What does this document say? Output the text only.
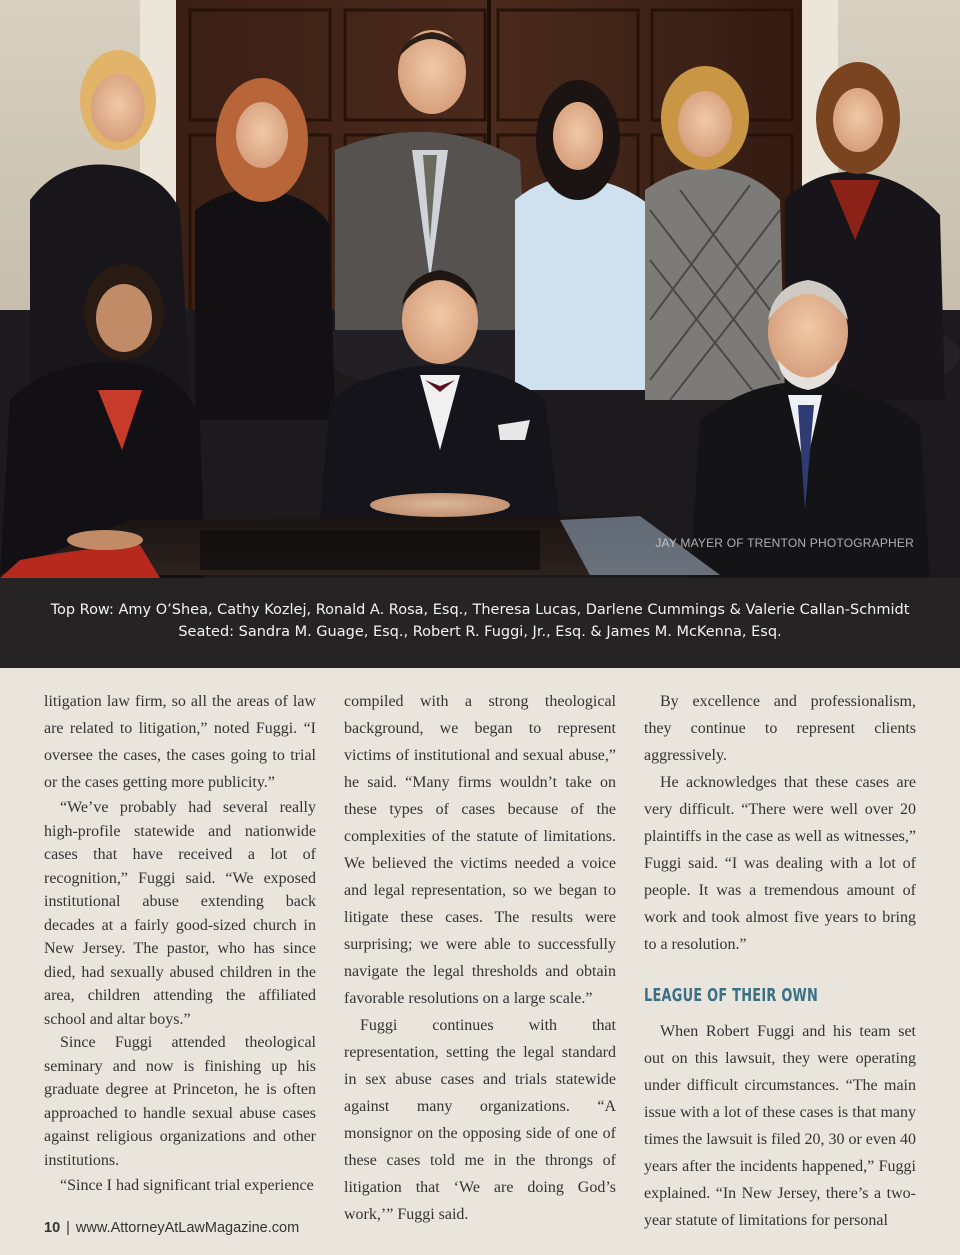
JAY MAYER OF TRENTON PHOTOGRAPHER
Top Row: Amy O’Shea, Cathy Kozlej, Ronald A. Rosa, Esq., Theresa Lucas, Darlene Cummings & Valerie Callan-Schmidt
Seated: Sandra M. Guage, Esq., Robert R. Fuggi, Jr., Esq. & James M. McKenna, Esq.

litigation law firm, so all the areas of law are related to litigation,” noted Fuggi. “I oversee the cases, the cases going to trial or the cases getting more publicity.”

“We’ve probably had several really high-profile statewide and nationwide cases that have received a lot of recognition,” Fuggi said. “We exposed institutional abuse extending back decades at a fairly good-sized church in New Jersey. The pastor, who has since died, had sexually abused children in the area, children attending the affiliated school and altar boys.”

Since Fuggi attended theological seminary and now is finishing up his graduate degree at Princeton, he is often approached to handle sexual abuse cases against religious organizations and other institutions.

“Since I had significant trial experience

compiled with a strong theological background, we began to represent victims of institutional and sexual abuse,” he said. “Many firms wouldn’t take on these types of cases because of the complexities of the statute of limitations. We believed the victims needed a voice and legal representation, so we began to litigate these cases. The results were surprising; we were able to successfully navigate the legal thresholds and obtain favorable resolutions on a large scale.”

Fuggi continues with that representation, setting the legal standard in sex abuse cases and trials statewide against many organizations. “A monsignor on the opposing side of one of these cases told me in the throngs of litigation that ‘We are doing God’s work,’” Fuggi said.

By excellence and professionalism, they continue to represent clients aggressively.

He acknowledges that these cases are very difficult. “There were well over 20 plaintiffs in the case as well as witnesses,” Fuggi said. “I was dealing with a lot of people. It was a tremendous amount of work and took almost five years to bring to a resolution.”

LEAGUE OF THEIR OWN

When Robert Fuggi and his team set out on this lawsuit, they were operating under difficult circumstances. “The main issue with a lot of these cases is that many times the lawsuit is filed 20, 30 or even 40 years after the incidents happened,” Fuggi explained. “In New Jersey, there’s a two-year statute of limitations for personal

10 | www.AttorneyAtLawMagazine.com
